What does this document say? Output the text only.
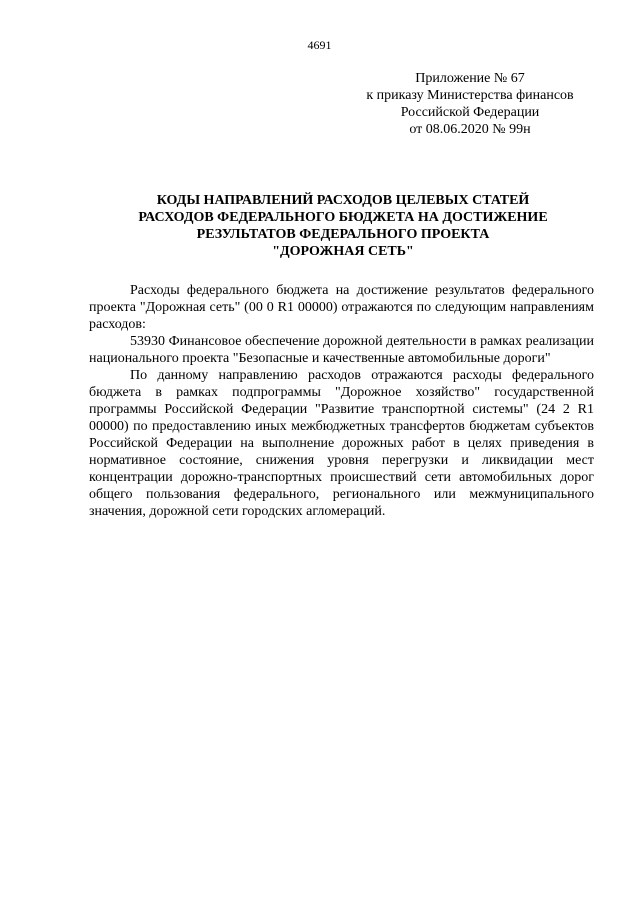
4691
Приложение № 67
к приказу Министерства финансов
Российской Федерации
от 08.06.2020 № 99н
КОДЫ НАПРАВЛЕНИЙ РАСХОДОВ ЦЕЛЕВЫХ СТАТЕЙ
РАСХОДОВ ФЕДЕРАЛЬНОГО БЮДЖЕТА НА ДОСТИЖЕНИЕ
РЕЗУЛЬТАТОВ ФЕДЕРАЛЬНОГО ПРОЕКТА
"ДОРОЖНАЯ СЕТЬ"

Расходы федерального бюджета на достижение результатов федерального проекта "Дорожная сеть" (00 0 R1 00000) отражаются по следующим направлениям расходов:

53930 Финансовое обеспечение дорожной деятельности в рамках реализации национального проекта "Безопасные и качественные автомобильные дороги"

По данному направлению расходов отражаются расходы федерального бюджета в рамках подпрограммы "Дорожное хозяйство" государственной программы Российской Федерации "Развитие транспортной системы" (24 2 R1 00000) по предоставлению иных межбюджетных трансфертов бюджетам субъектов Российской Федерации на выполнение дорожных работ в целях приведения в нормативное состояние, снижения уровня перегрузки и ликвидации мест концентрации дорожно-транспортных происшествий сети автомобильных дорог общего пользования федерального, регионального или межмуниципального значения, дорожной сети городских агломераций.
